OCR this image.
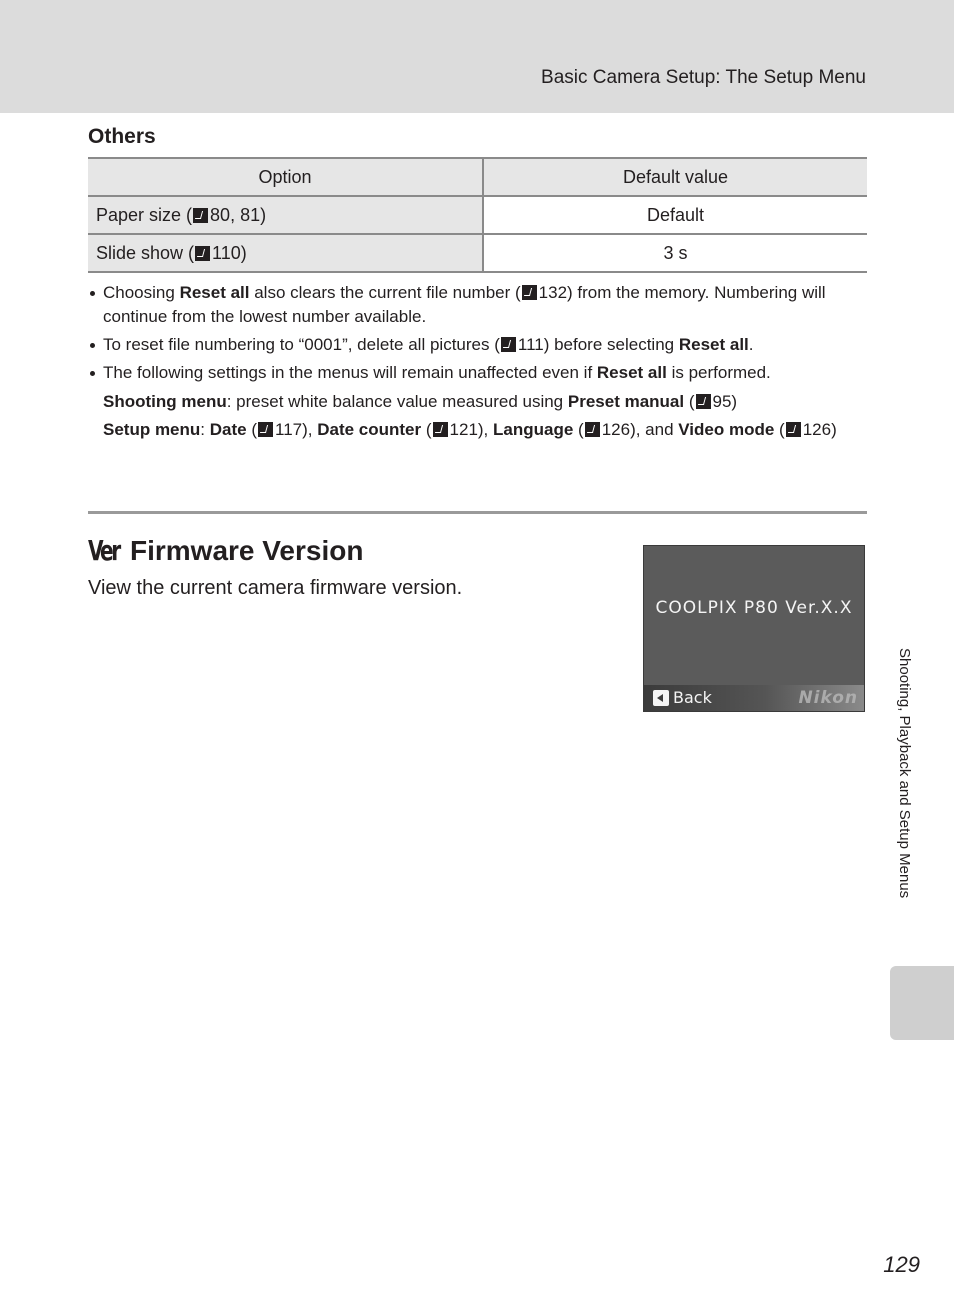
Basic Camera Setup: The Setup Menu
Others
Option	Default value
Paper size ( 80, 81)	Default
Slide show ( 110)	3 s
Choosing Reset all also clears the current file number ( 132) from the memory. Numbering will continue from the lowest number available.
To reset file numbering to “0001”, delete all pictures ( 111) before selecting Reset all.
The following settings in the menus will remain unaffected even if Reset all is performed.
Shooting menu: preset white balance value measured using Preset manual ( 95)
Setup menu: Date ( 117), Date counter ( 121), Language ( 126), and Video mode ( 126)
Ver Firmware Version
View the current camera firmware version.
COOLPIX P80 Ver.X.X
Back	Nikon	Shooting, Playback and Setup Menus
129
